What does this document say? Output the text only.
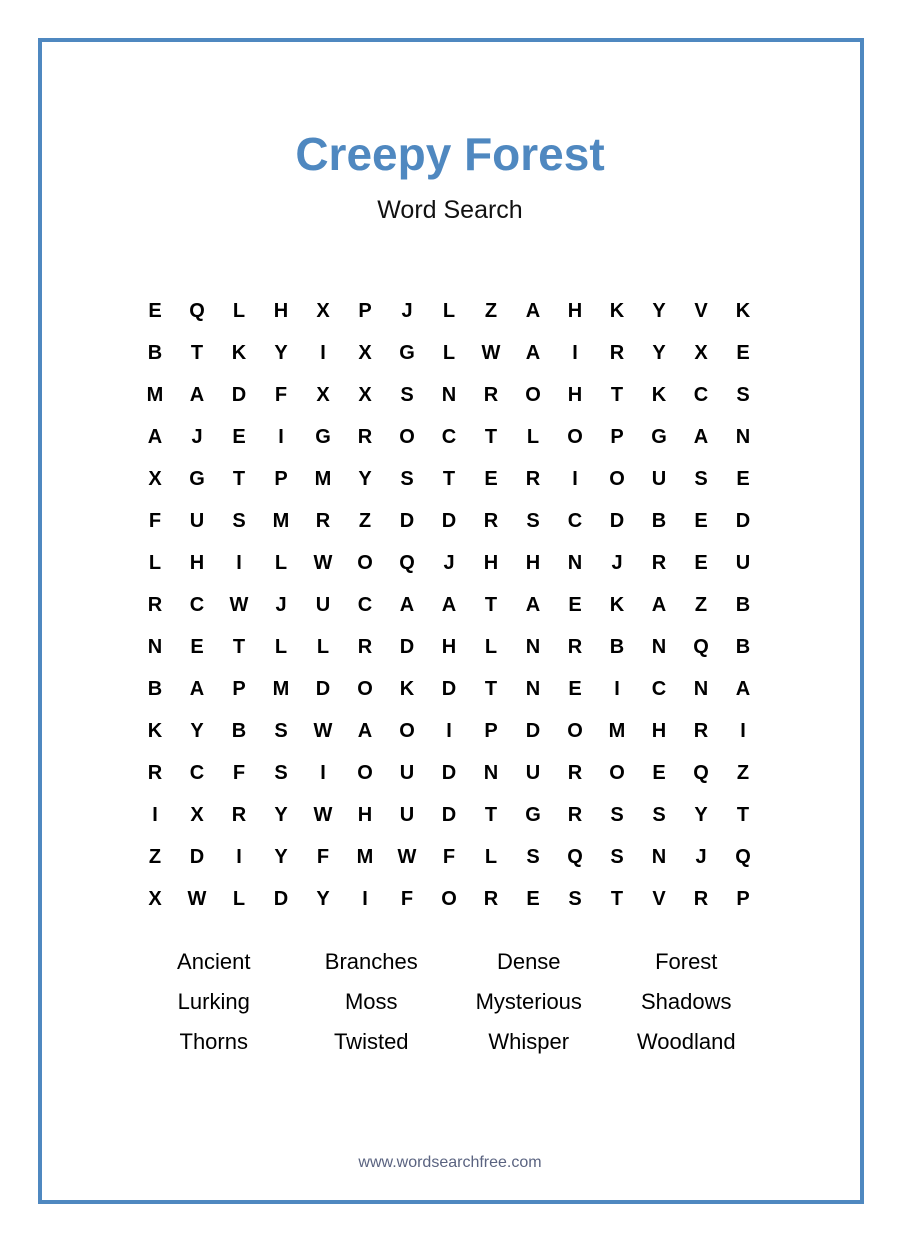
Creepy Forest
Word Search
E	Q	L	H	X	P	J	L	Z	A	H	K	Y	V	K
B	T	K	Y	I	X	G	L	W	A	I	R	Y	X	E
M	A	D	F	X	X	S	N	R	O	H	T	K	C	S
A	J	E	I	G	R	O	C	T	L	O	P	G	A	N
X	G	T	P	M	Y	S	T	E	R	I	O	U	S	E
F	U	S	M	R	Z	D	D	R	S	C	D	B	E	D
L	H	I	L	W	O	Q	J	H	H	N	J	R	E	U
R	C	W	J	U	C	A	A	T	A	E	K	A	Z	B
N	E	T	L	L	R	D	H	L	N	R	B	N	Q	B
B	A	P	M	D	O	K	D	T	N	E	I	C	N	A
K	Y	B	S	W	A	O	I	P	D	O	M	H	R	I
R	C	F	S	I	O	U	D	N	U	R	O	E	Q	Z
I	X	R	Y	W	H	U	D	T	G	R	S	S	Y	T
Z	D	I	Y	F	M	W	F	L	S	Q	S	N	J	Q
X	W	L	D	Y	I	F	O	R	E	S	T	V	R	P
Ancient	Branches	Dense	Forest
Lurking	Moss	Mysterious	Shadows
Thorns	Twisted	Whisper	Woodland
www.wordsearchfree.com
